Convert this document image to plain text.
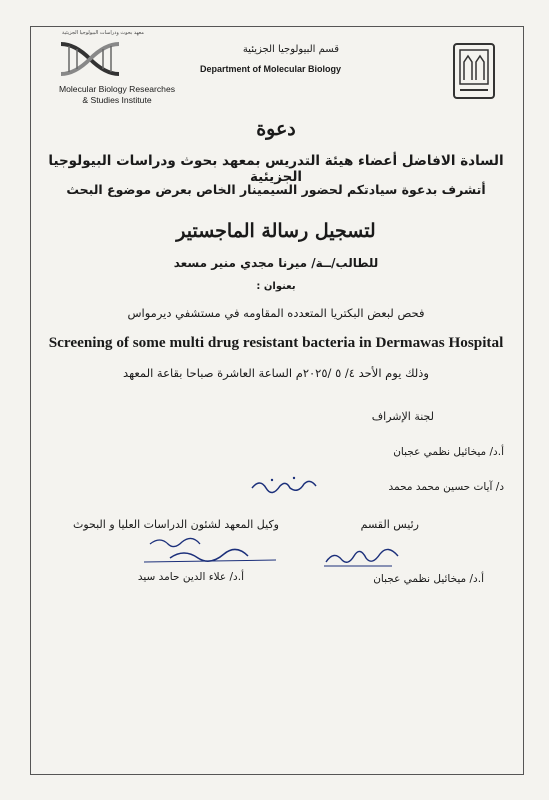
معهد بحوث ودراسات البيولوجيا الجزيئية
Molecular Biology Researches
& Studies Institute
قسم البيولوجيا الجزيئية
Department of Molecular Biology
دعوة
السادة الافاضل أعضاء هيئة التدريس بمعهد بحوث ودراسات البيولوجيا الجزيئية
أتشرف بدعوة سيادتكم لحضور السيمينار الخاص بعرض موضوع البحث
لتسجيل رسالة الماجستير
للطالب/ــة/ ميرنا مجدي منير مسعد
بعنوان :
فحص لبعض البكتريا المتعدده المقاومه في مستشفي ديرمواس
Screening of some multi drug resistant bacteria in Dermawas Hospital
وذلك يوم الأحد ٤/ ٥ /٢٠٢٥م الساعة العاشرة صباحا بقاعة المعهد
لجنة الإشراف
أ.د/ ميخائيل نظمي عجبان
د/ آيات حسين محمد محمد
رئيس القسم
أ.د/ ميخائيل نظمي عجبان
وكيل المعهد لشئون الدراسات العليا و البحوث
أ.د/ علاء الدين حامد سيد
